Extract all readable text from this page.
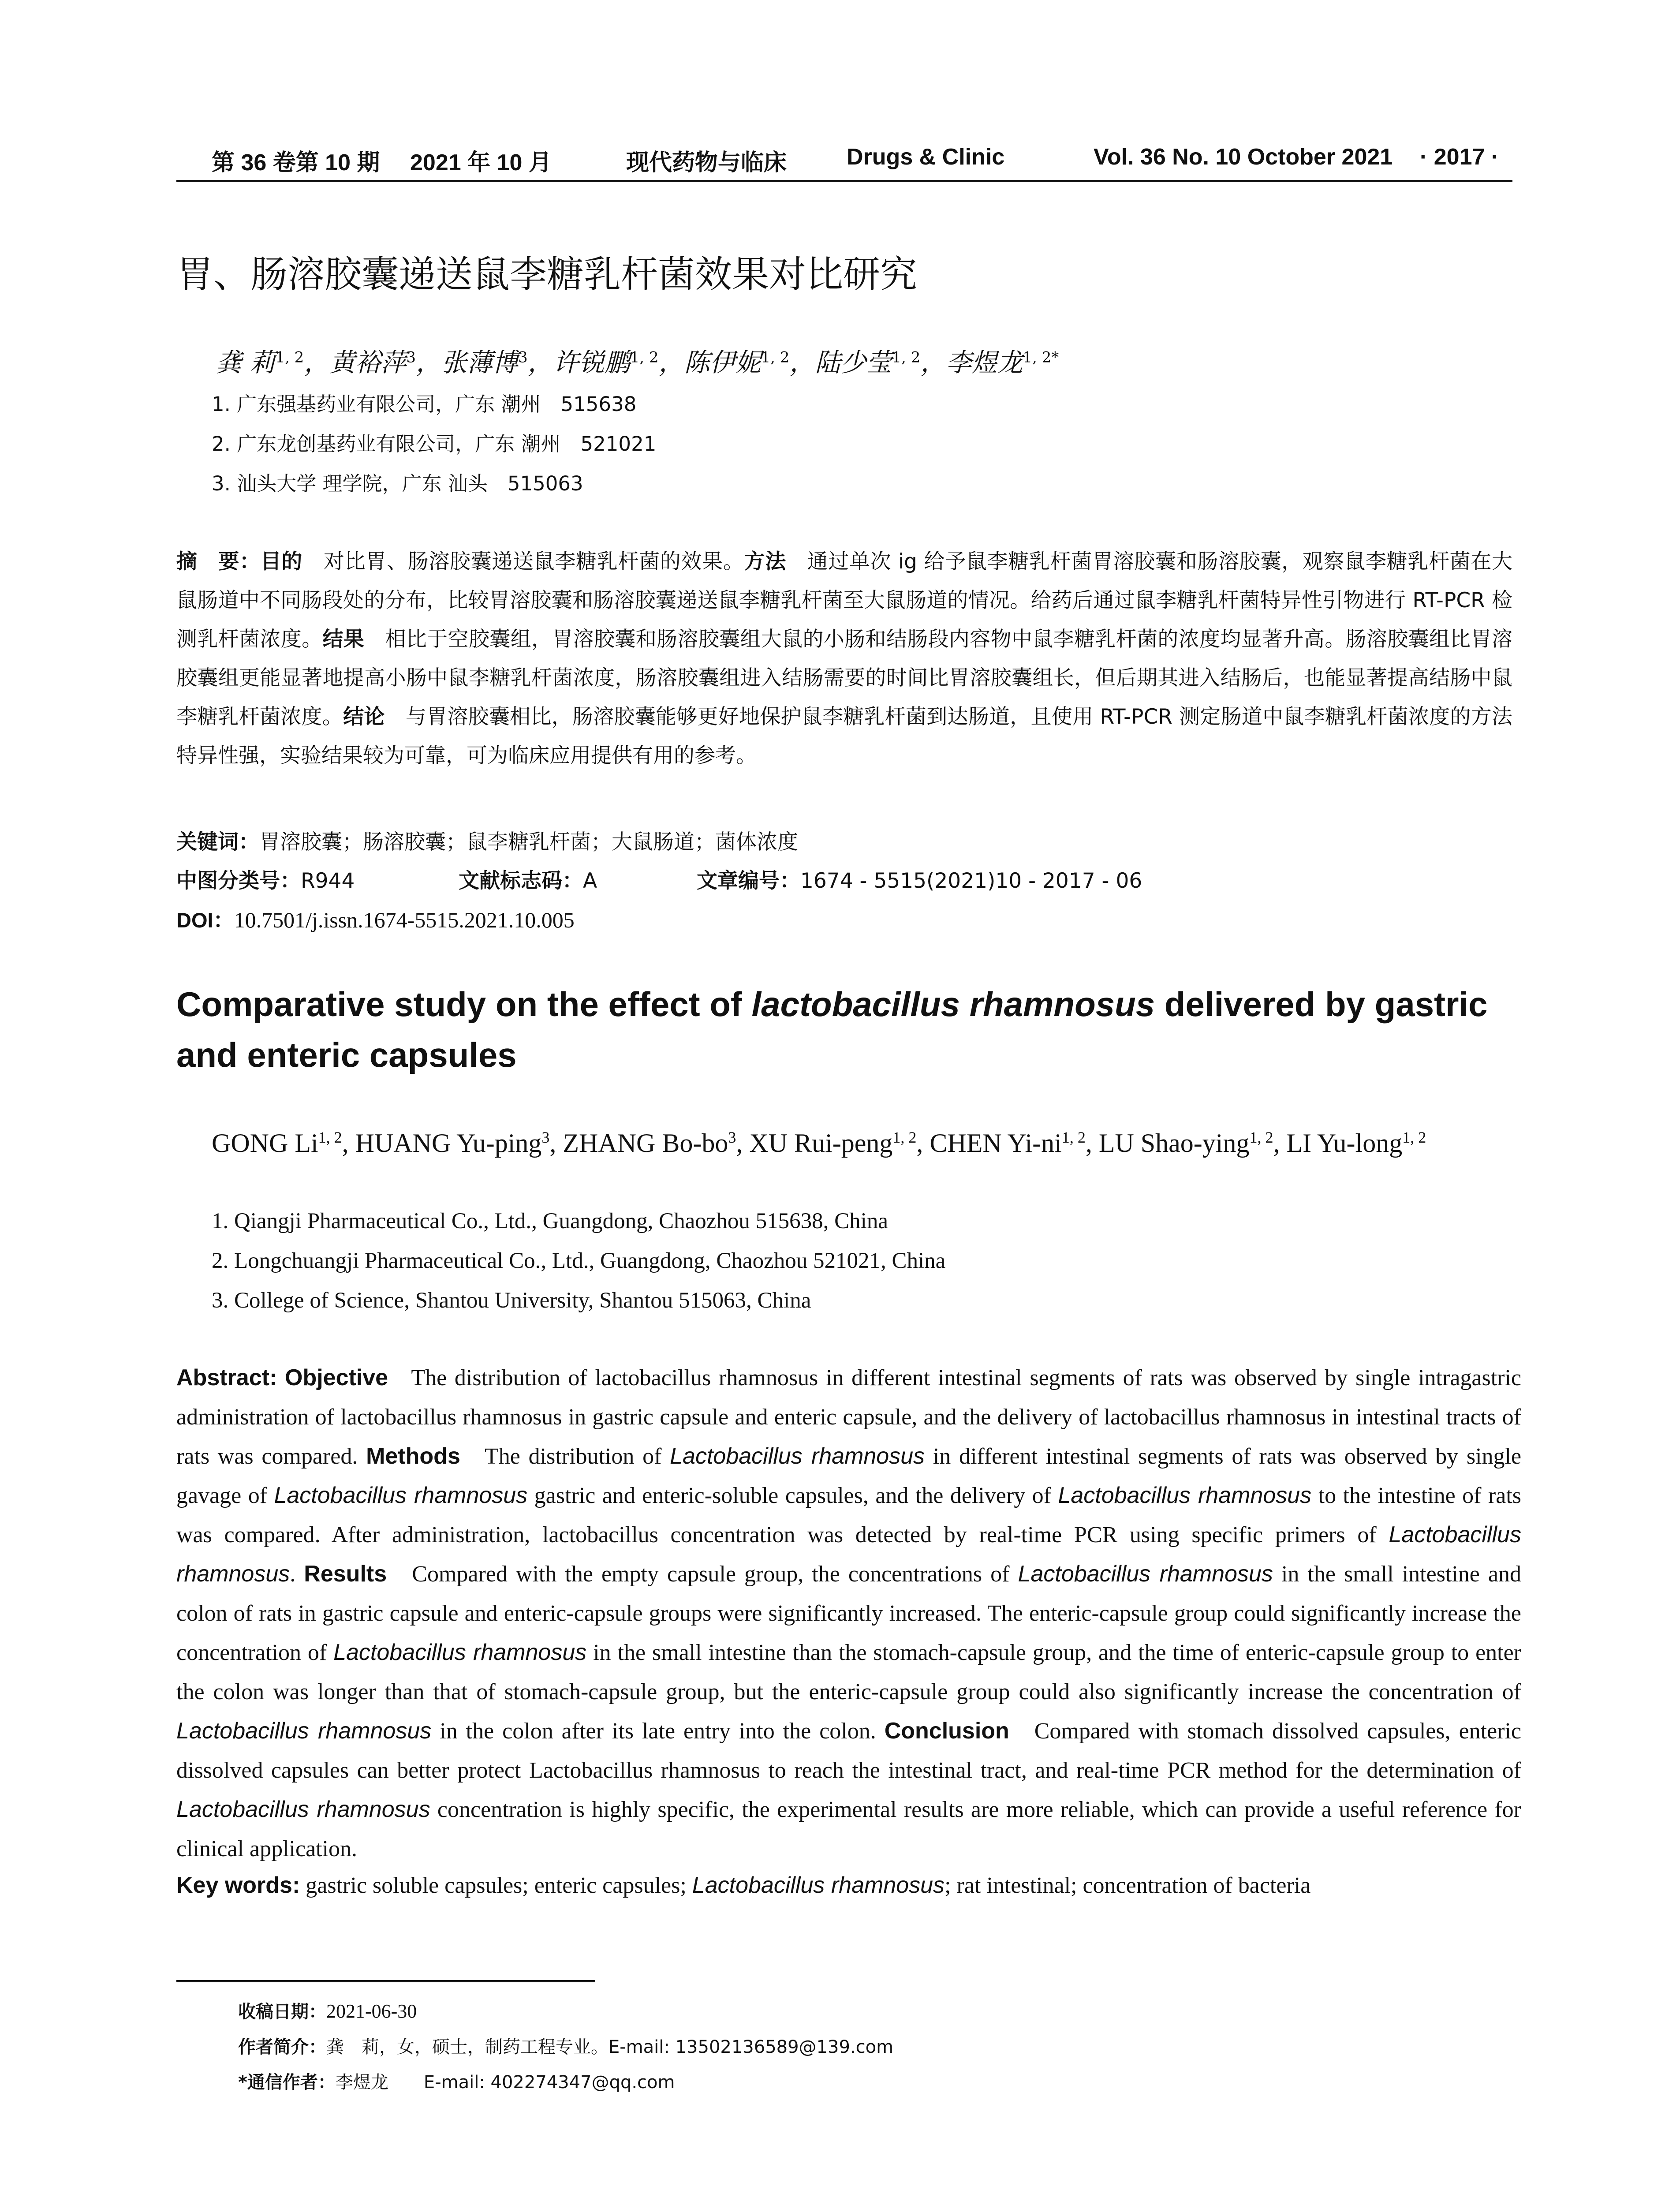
第 36 卷第 10 期 2021 年 10 月	现代药物与临床	Drugs & Clinic	Vol. 36 No. 10 October 2021 · 2017 ·
胃、肠溶胶囊递送鼠李糖乳杆菌效果对比研究
龚 莉$^{1, 2}$，黄裕萍$^3$，张薄博$^3$，许锐鹏$^{1, 2}$，陈伊妮$^{1, 2}$，陆少莹$^{1, 2}$，李煜龙$^{1, 2*}$
1. 广东强基药业有限公司，广东 潮州　515638
2. 广东龙创基药业有限公司，广东 潮州　521021
3. 汕头大学 理学院，广东 汕头　515063

摘　要：目的　对比胃、肠溶胶囊递送鼠李糖乳杆菌的效果。方法　通过单次 ig 给予鼠李糖乳杆菌胃溶胶囊和肠溶胶囊，观察鼠李糖乳杆菌在大鼠肠道中不同肠段处的分布，比较胃溶胶囊和肠溶胶囊递送鼠李糖乳杆菌至大鼠肠道的情况。给药后通过鼠李糖乳杆菌特异性引物进行 RT-PCR 检测乳杆菌浓度。结果　相比于空胶囊组，胃溶胶囊和肠溶胶囊组大鼠的小肠和结肠段内容物中鼠李糖乳杆菌的浓度均显著升高。肠溶胶囊组比胃溶胶囊组更能显著地提高小肠中鼠李糖乳杆菌浓度，肠溶胶囊组进入结肠需要的时间比胃溶胶囊组长，但后期其进入结肠后，也能显著提高结肠中鼠李糖乳杆菌浓度。结论　与胃溶胶囊相比，肠溶胶囊能够更好地保护鼠李糖乳杆菌到达肠道，且使用 RT-PCR 测定肠道中鼠李糖乳杆菌浓度的方法特异性强，实验结果较为可靠，可为临床应用提供有用的参考。

关键词：胃溶胶囊；肠溶胶囊；鼠李糖乳杆菌；大鼠肠道；菌体浓度
中图分类号：R944	文献标志码：A	文章编号：1674 - 5515(2021)10 - 2017 - 06
DOI：10.7501/j.issn.1674-5515.2021.10.005
Comparative study on the effect of lactobacillus rhamnosus delivered by gastric and enteric capsules

GONG Li$^{1, 2}$, HUANG Yu-ping$^3$, ZHANG $Bo-bo^3$, XU Rui-peng$^{1, 2}$, CHEN Yi-ni$^{1, 2}$, LU Shao-ying$^{1, 2}$, LI Yu-long$^{1, 2}$

1. Qiangji Pharmaceutical Co., Ltd., Guangdong, Chaozhou 515638, China
2. Longchuangji Pharmaceutical Co., Ltd., Guangdong, Chaozhou 521021, China
3. College of Science, Shantou University, Shantou 515063, China

Abstract: Objective The distribution of lactobacillus rhamnosus in different intestinal segments of rats was observed by single intragastric administration of lactobacillus rhamnosus in gastric capsule and enteric capsule, and the delivery of lactobacillus rhamnosus in intestinal tracts of rats was compared. Methods The distribution of Lactobacillus rhamnosus in different intestinal segments of rats was observed by single gavage of Lactobacillus rhamnosus gastric and enteric-soluble capsules, and the delivery of Lactobacillus rhamnosus to the intestine of rats was compared. After administration, lactobacillus concentration was detected by real-time PCR using specific primers of Lactobacillus rhamnosus. Results Compared with the empty capsule group, the concentrations of Lactobacillus rhamnosus in the small intestine and colon of rats in gastric capsule and enteric-capsule groups were significantly increased. The enteric-capsule group could significantly increase the concentration of Lactobacillus rhamnosus in the small intestine than the stomach-capsule group, and the time of enteric-capsule group to enter the colon was longer than that of stomach-capsule group, but the enteric-capsule group could also significantly increase the concentration of Lactobacillus rhamnosus in the colon after its late entry into the colon. Conclusion Compared with stomach dissolved capsules, enteric dissolved capsules can better protect Lactobacillus rhamnosus to reach the intestinal tract, and real-time PCR method for the determination of Lactobacillus rhamnosus concentration is highly specific, the experimental results are more reliable, which can provide a useful reference for clinical application.

Key words: gastric soluble capsules; enteric capsules; Lactobacillus rhamnosus; rat intestinal; concentration of bacteria
收稿日期：2021-06-30
作者简介：龚　莉，女，硕士，制药工程专业。E-mail: 13502136589@139.com
*通信作者：李煜龙　　E-mail: 402274347@qq.com
